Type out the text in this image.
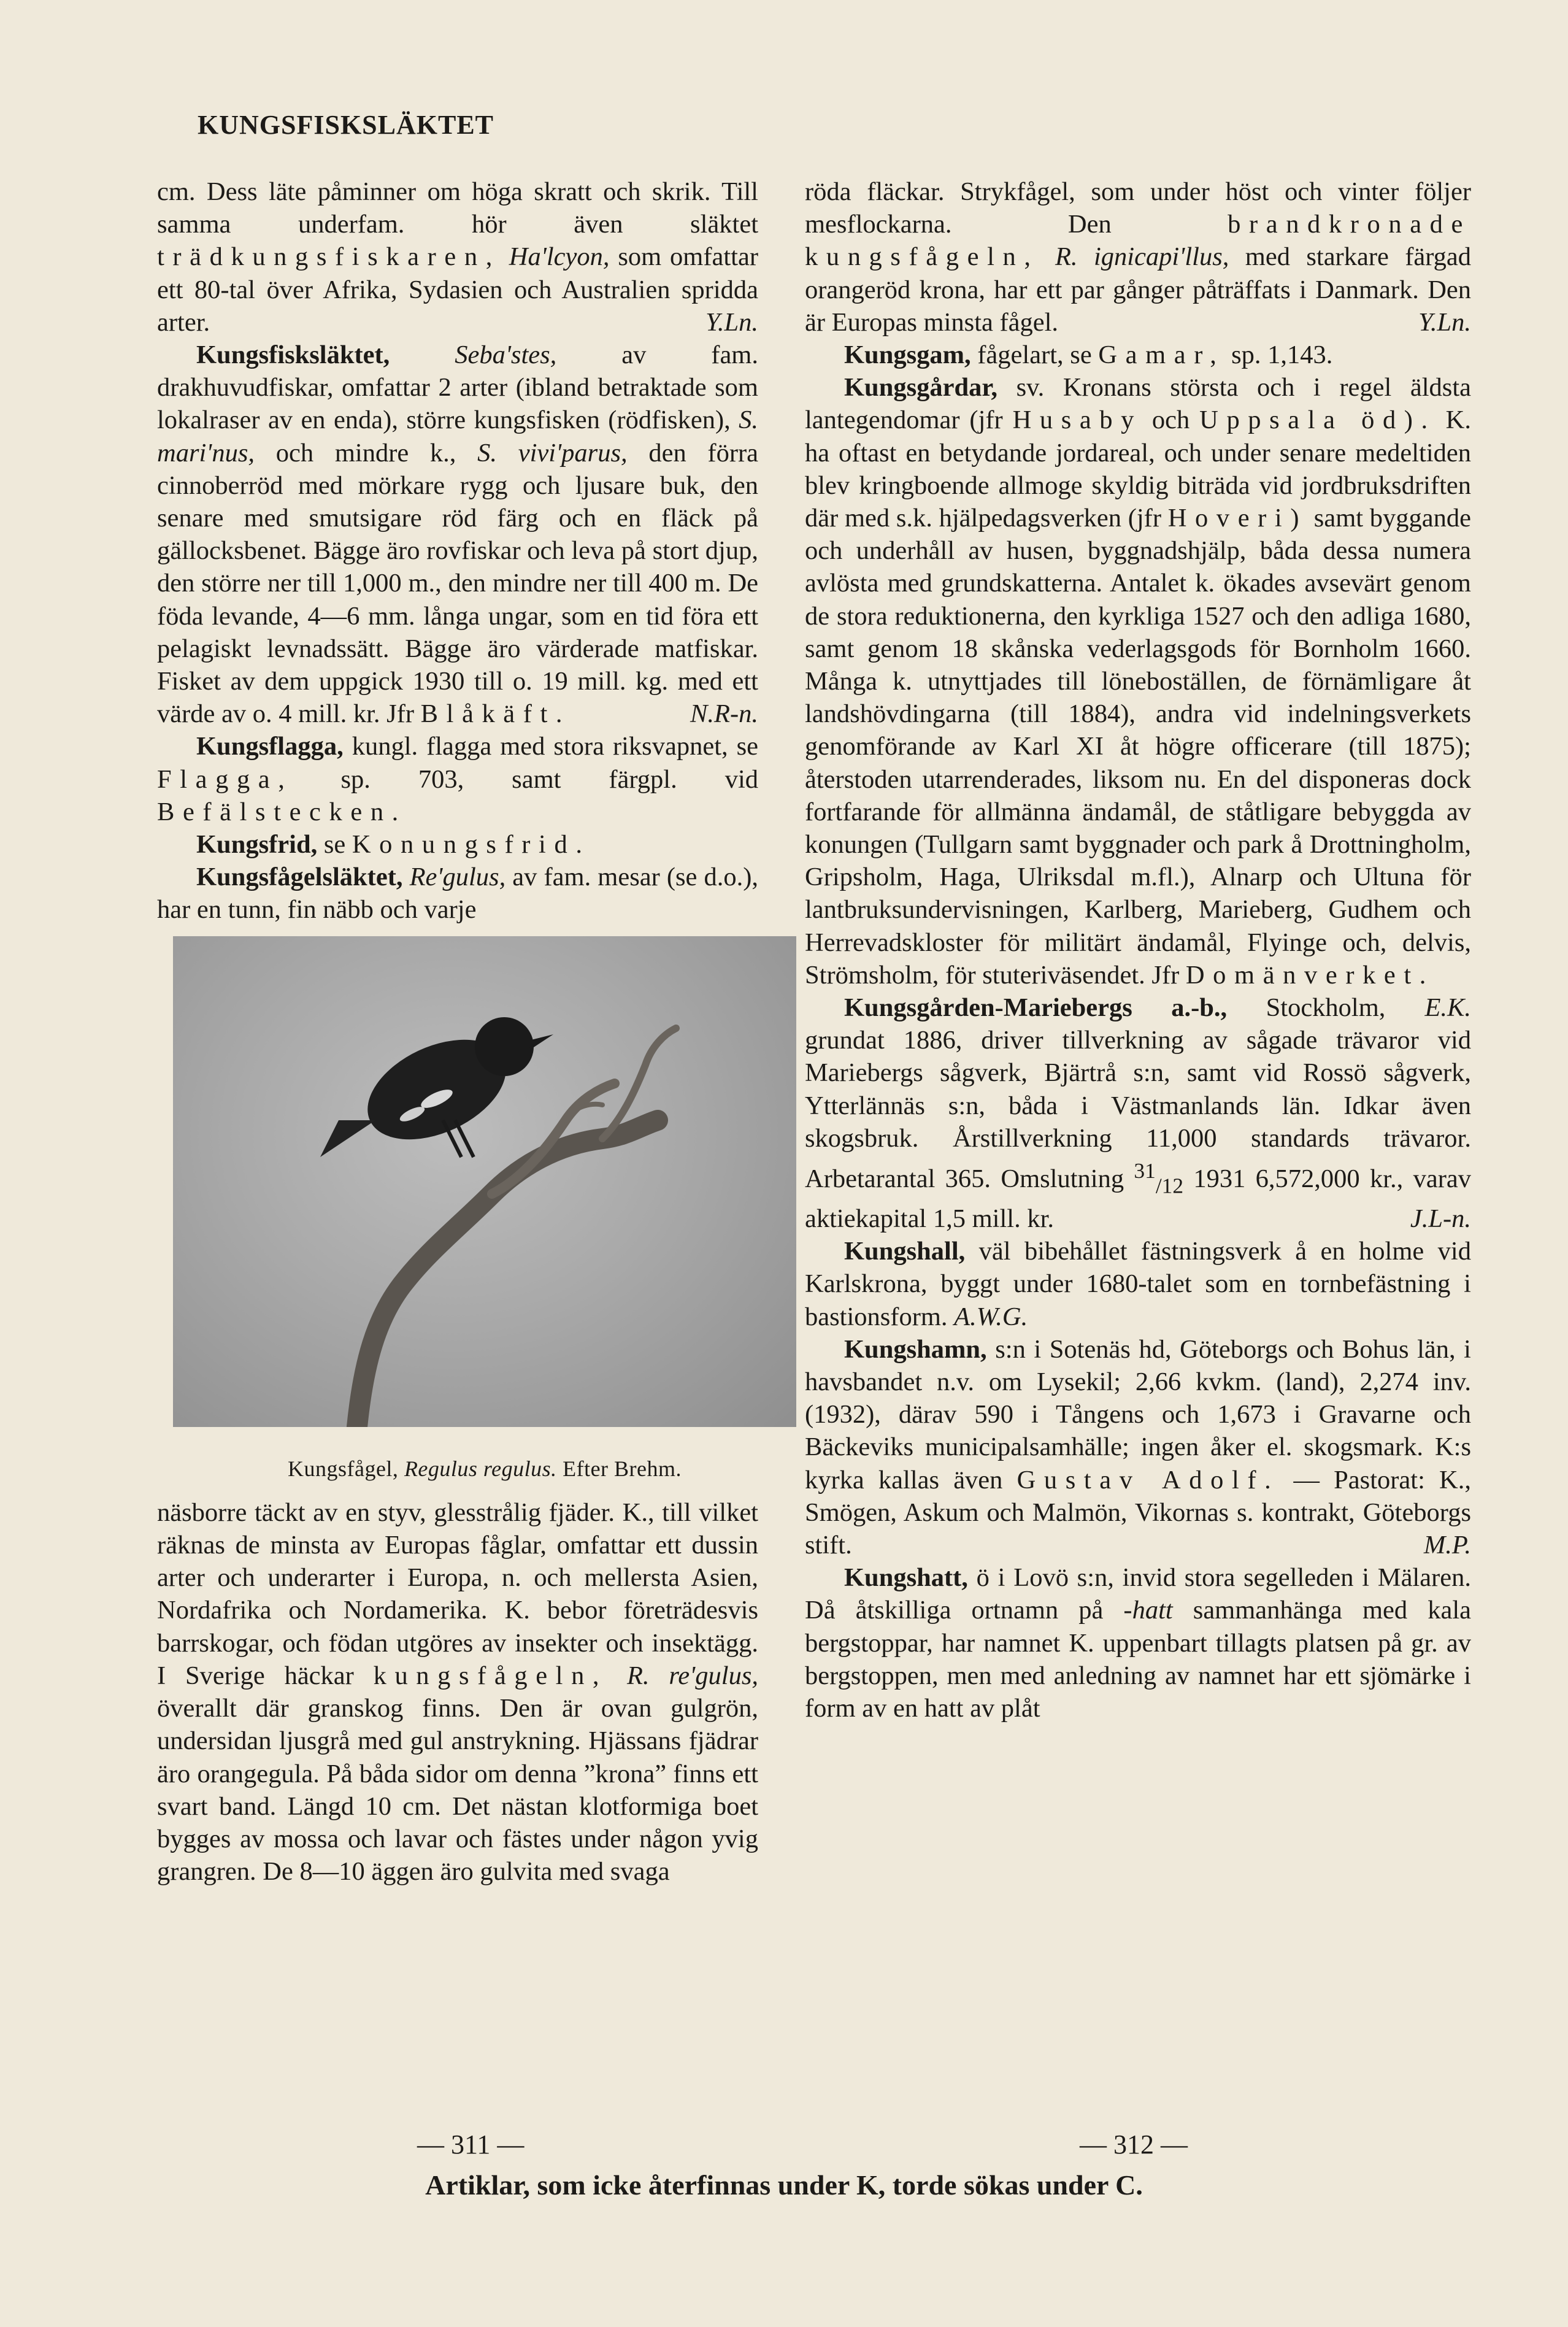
KUNGSFISKSLÄKTET

cm. Dess läte påminner om höga skratt och skrik. Till samma underfam. hör även släktet trädkungsfiskaren, Ha'lcyon, som omfattar ett 80-tal över Afrika, Sydasien och Australien spridda arter.	Y.Ln.

Kungsfisksläktet, Seba'stes, av fam. drakhuvudfiskar, omfattar 2 arter (ibland betraktade som lokalraser av en enda), större kungsfisken (rödfisken), S. mari'nus, och mindre k., S. vivi'parus, den förra cinnoberröd med mörkare rygg och ljusare buk, den senare med smutsigare röd färg och en fläck på gällocksbenet. Bägge äro rovfiskar och leva på stort djup, den större ner till 1,000 m., den mindre ner till 400 m. De föda levande, 4—6 mm. långa ungar, som en tid föra ett pelagiskt levnadssätt. Bägge äro värderade matfiskar. Fisket av dem uppgick 1930 till o. 19 mill. kg. med ett värde av o. 4 mill. kr. Jfr Blåkäft.	N.R-n.

Kungsflagga, kungl. flagga med stora riksvapnet, se Flagga, sp. 703, samt färgpl. vid Befälstecken.

Kungsfrid, se Konungsfrid.

Kungsfågelsläktet, Re'gulus, av fam. mesar (se d.o.), har en tunn, fin näbb och varje

Kungsfågel, Regulus regulus. Efter Brehm.

näsborre täckt av en styv, glesstrålig fjäder. K., till vilket räknas de minsta av Europas fåglar, omfattar ett dussin arter och underarter i Europa, n. och mellersta Asien, Nordafrika och Nordamerika. K. bebor företrädesvis barrskogar, och födan utgöres av insekter och insektägg. I Sverige häckar kungsfågeln, R. re'gulus, överallt där granskog finns. Den är ovan gulgrön, undersidan ljusgrå med gul anstrykning. Hjässans fjädrar äro orangegula. På båda sidor om denna ”krona” finns ett svart band. Längd 10 cm. Det nästan klotformiga boet bygges av mossa och lavar och fästes under någon yvig grangren. De 8—10 äggen äro gulvita med svaga

röda fläckar. Strykfågel, som under höst och vinter följer mesflockarna. Den brandkronade kungsfågeln, R. ignicapi'llus, med starkare färgad orangeröd krona, har ett par gånger påträffats i Danmark. Den är Europas minsta fågel.	Y.Ln.

Kungsgam, fågelart, se Gamar, sp. 1,143.

Kungsgårdar, sv. Kronans största och i regel äldsta lantegendomar (jfr Husaby och Uppsala öd). K. ha oftast en betydande jordareal, och under senare medeltiden blev kringboende allmoge skyldig biträda vid jordbruksdriften där med s.k. hjälpedagsverken (jfr Hoveri) samt byggande och underhåll av husen, byggnadshjälp, båda dessa numera avlösta med grundskatterna. Antalet k. ökades avsevärt genom de stora reduktionerna, den kyrkliga 1527 och den adliga 1680, samt genom 18 skånska vederlagsgods för Bornholm 1660. Många k. utnyttjades till löneboställen, de förnämligare åt landshövdingarna (till 1884), andra vid indelningsverkets genomförande av Karl XI åt högre officerare (till 1875); återstoden utarrenderades, liksom nu. En del disponeras dock fortfarande för allmänna ändamål, de ståtligare bebyggda av konungen (Tullgarn samt byggnader och park å Drottningholm, Gripsholm, Haga, Ulriksdal m.fl.), Alnarp och Ultuna för lantbruksundervisningen, Karlberg, Marieberg, Gudhem och Herrevadskloster för militärt ändamål, Flyinge och, delvis, Strömsholm, för stuteriväsendet. Jfr Domänverket.
E.K.

Kungsgården-Mariebergs a.-b., Stockholm, grundat 1886, driver tillverkning av sågade trävaror vid Mariebergs sågverk, Bjärtrå s:n, samt vid Rossö sågverk, Ytterlännäs s:n, båda i Västmanlands län. Idkar även skogsbruk. Årstillverkning 11,000 standards trävaror. Arbetarantal 365. Omslutning $^{31}_{/12}$ 1931 6,572,000 kr., varav aktiekapital 1,5 mill. kr.	J.L-n.

Kungshall, väl bibehållet fästningsverk å en holme vid Karlskrona, byggt under 1680-talet som en tornbefästning i bastionsform. A.W.G.

Kungshamn, s:n i Sotenäs hd, Göteborgs och Bohus län, i havsbandet n.v. om Lysekil; 2,66 kvkm. (land), 2,274 inv. (1932), därav 590 i Tångens och 1,673 i Gravarne och Bäckeviks municipalsamhälle; ingen åker el. skogsmark. K:s kyrka kallas även Gustav Adolf. — Pastorat: K., Smögen, Askum och Malmön, Vikornas s. kontrakt, Göteborgs stift.	M.P.

Kungshatt, ö i Lovö s:n, invid stora segelleden i Mälaren. Då åtskilliga ortnamn på -hatt sammanhänga med kala bergstoppar, har namnet K. uppenbart tillagts platsen på gr. av bergstoppen, men med anledning av namnet har ett sjömärke i form av en hatt av plåt

— 311 —	— 312 —
Artiklar, som icke återfinnas under K, torde sökas under C.
